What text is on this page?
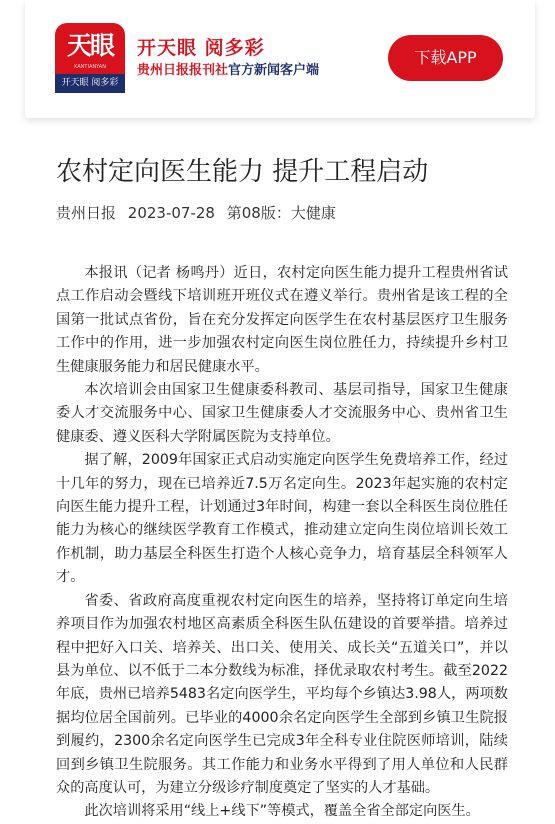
天眼
KANTIANYAN
开天眼 阅多彩
开天眼 阅多彩
贵州日报报刊社官方新闻客户端
下载APP
农村定向医生能力 提升工程启动
贵州日报 2023-07-28 第08版：大健康

本报讯（记者 杨鸣丹）近日，农村定向医生能力提升工程贵州省试点工作启动会暨线下培训班开班仪式在遵义举行。贵州省是该工程的全国第一批试点省份，旨在充分发挥定向医学生在农村基层医疗卫生服务工作中的作用，进一步加强农村定向医生岗位胜任力，持续提升乡村卫生健康服务能力和居民健康水平。

本次培训会由国家卫生健康委科教司、基层司指导，国家卫生健康委人才交流服务中心、国家卫生健康委人才交流服务中心、贵州省卫生健康委、遵义医科大学附属医院为支持单位。

据了解，2009年国家正式启动实施定向医学生免费培养工作，经过十几年的努力，现在已培养近7.5万名定向生。2023年起实施的农村定向医生能力提升工程，计划通过3年时间，构建一套以全科医生岗位胜任能力为核心的继续医学教育工作模式，推动建立定向生岗位培训长效工作机制，助力基层全科医生打造个人核心竞争力，培育基层全科领军人才。

省委、省政府高度重视农村定向医生的培养，坚持将订单定向生培养项目作为加强农村地区高素质全科医生队伍建设的首要举措。培养过程中把好入口关、培养关、出口关、使用关、成长关“五道关口”，并以县为单位、以不低于二本分数线为标准，择优录取农村考生。截至2022年底，贵州已培养5483名定向医学生，平均每个乡镇达3.98人，两项数据均位居全国前列。已毕业的4000余名定向医学生全部到乡镇卫生院报到履约，2300余名定向医学生已完成3年全科专业住院医师培训，陆续回到乡镇卫生院服务。其工作能力和业务水平得到了用人单位和人民群众的高度认可，为建立分级诊疗制度奠定了坚实的人才基础。

此次培训将采用“线上+线下”等模式，覆盖全省全部定向医生。
